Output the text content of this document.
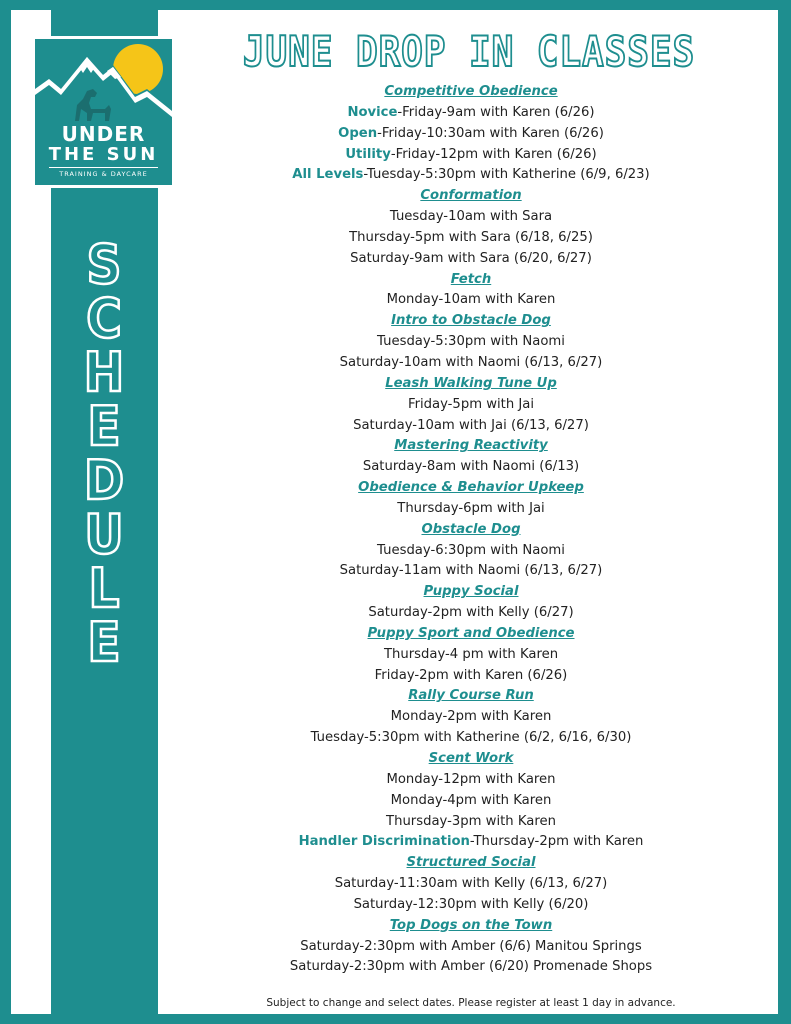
UNDER
THE SUN
TRAINING & DAYCARE
S
C
H
E
D
U
L
E
JUNE DROP IN CLASSES
Competitive Obedience
Novice-Friday-9am with Karen (6/26)
Open-Friday-10:30am with Karen (6/26)
Utility-Friday-12pm with Karen (6/26)
All Levels-Tuesday-5:30pm with Katherine (6/9, 6/23)
Conformation
Tuesday-10am with Sara
Thursday-5pm with Sara (6/18, 6/25)
Saturday-9am with Sara (6/20, 6/27)
Fetch
Monday-10am with Karen
Intro to Obstacle Dog
Tuesday-5:30pm with Naomi
Saturday-10am with Naomi (6/13, 6/27)
Leash Walking Tune Up
Friday-5pm with Jai
Saturday-10am with Jai (6/13, 6/27)
Mastering Reactivity
Saturday-8am with Naomi (6/13)
Obedience & Behavior Upkeep
Thursday-6pm with Jai
Obstacle Dog
Tuesday-6:30pm with Naomi
Saturday-11am with Naomi (6/13, 6/27)
Puppy Social
Saturday-2pm with Kelly (6/27)
Puppy Sport and Obedience
Thursday-4 pm with Karen
Friday-2pm with Karen (6/26)
Rally Course Run
Monday-2pm with Karen
Tuesday-5:30pm with Katherine (6/2, 6/16, 6/30)
Scent Work
Monday-12pm with Karen
Monday-4pm with Karen
Thursday-3pm with Karen
Handler Discrimination-Thursday-2pm with Karen
Structured Social
Saturday-11:30am with Kelly (6/13, 6/27)
Saturday-12:30pm with Kelly (6/20)
Top Dogs on the Town
Saturday-2:30pm with Amber (6/6) Manitou Springs
Saturday-2:30pm with Amber (6/20) Promenade Shops
Subject to change and select dates. Please register at least 1 day in advance.
